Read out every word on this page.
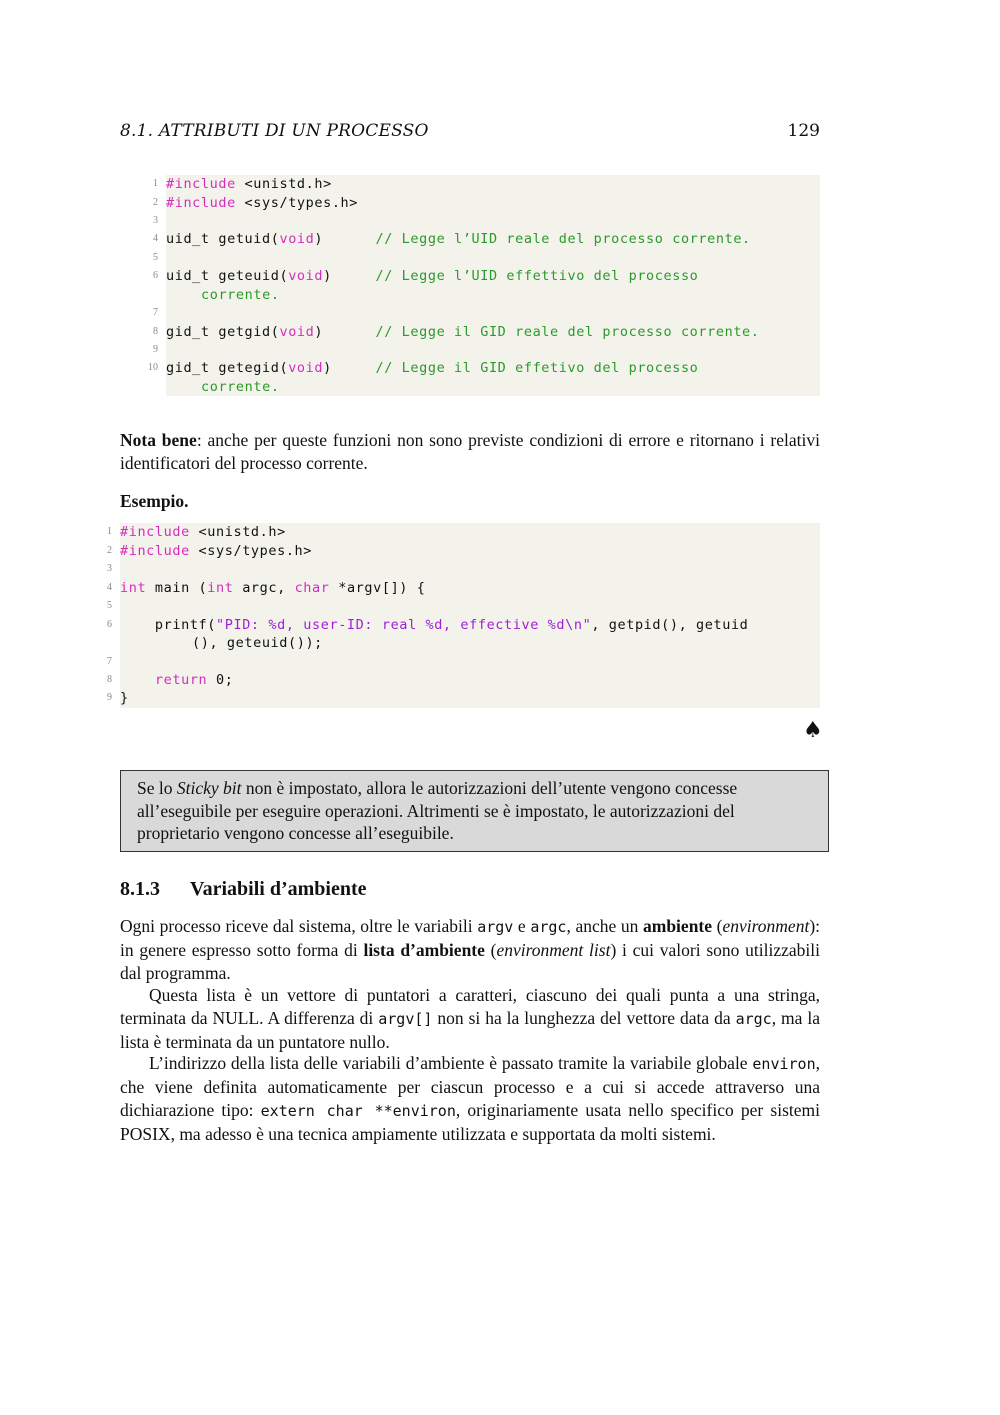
8.1. ATTRIBUTI DI UN PROCESSO	129
1
2
3
4
5
6
7
8
9
10
#include <unistd.h>
#include <sys/types.h>
uid_t getuid(void)      // Legge l’UID reale del processo corrente.
uid_t geteuid(void)     // Legge l’UID effettivo del processo
corrente.
gid_t getgid(void)      // Legge il GID reale del processo corrente.
gid_t getegid(void)     // Legge il GID effetivo del processo
corrente.
Nota bene: anche per queste funzioni non sono previste condizioni di errore e ritornano i relativi identificatori del processo corrente.
Esempio.
1
2
3
4
5
6
7
8
9
#include <unistd.h>
#include <sys/types.h>
int main (int argc, char *argv[]) {
printf("PID: %d, user-ID: real %d, effective %d\n", getpid(), getuid
(), geteuid());
return 0;
}
♠
Se lo Sticky bit non è impostato, allora le autorizzazioni dell’utente vengono concesse all’eseguibile per eseguire operazioni. Altrimenti se è impostato, le autorizzazioni del proprietario vengono concesse all’eseguibile.
8.1.3 Variabili d’ambiente
Ogni processo riceve dal sistema, oltre le variabili argv e argc, anche un ambiente (environment): in genere espresso sotto forma di lista d’ambiente (environment list) i cui valori sono utilizzabili dal programma.
Questa lista è un vettore di puntatori a caratteri, ciascuno dei quali punta a una stringa, terminata da NULL. A differenza di argv[] non si ha la lunghezza del vettore data da argc, ma la lista è terminata da un puntatore nullo.
L’indirizzo della lista delle variabili d’ambiente è passato tramite la variabile globale environ, che viene definita automaticamente per ciascun processo e a cui si accede attraverso una dichiarazione tipo: extern char **environ, originariamente usata nello specifico per sistemi POSIX, ma adesso è una tecnica ampiamente utilizzata e supportata da molti sistemi.
